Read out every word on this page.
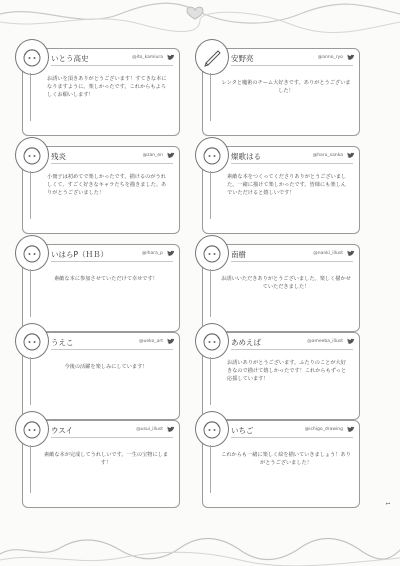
いとう高史	@ito_kamiura
お誘いを頂きありがとうございます！すてきな本になりますように。楽しかったです。これからもよろしくお願いします！
安野亮	@anno_ryo
レンタと魔術のチーム大好きです。ありがとうございました！
残炎	@zan_en
小冊子は初めてで楽しかったです。描けるのがうれしくて、すごく好きなキャラたちを描きました。ありがとうございました！
燦歌はる	@haru_sanka
素敵な本をつくってくださりありがとうございました。一緒に描けて楽しかったです。皆様にも楽しんでいただけると嬉しいです！
いはらP（ＨＢ）	@ihara_p
素敵な本に参加させていただけて幸せです！
南樹	@nanki_illust
お誘いいただきありがとうございました。楽しく描かせていただきました！
うえこ	@ueko_art
今後の活躍を楽しみにしています！
あめえば	@ameeba_illust
お誘いありがとうございます。ふたりのことが大好きなので描けて嬉しかったです！これからもずっと応援しています！
ウスイ	@usui_illust
素敵な本が完成してうれしいです。一生の宝物にします！
いちご	@ichigo_drawing
これからも一緒に楽しく絵を描いていきましょう！ありがとうございました！
1
